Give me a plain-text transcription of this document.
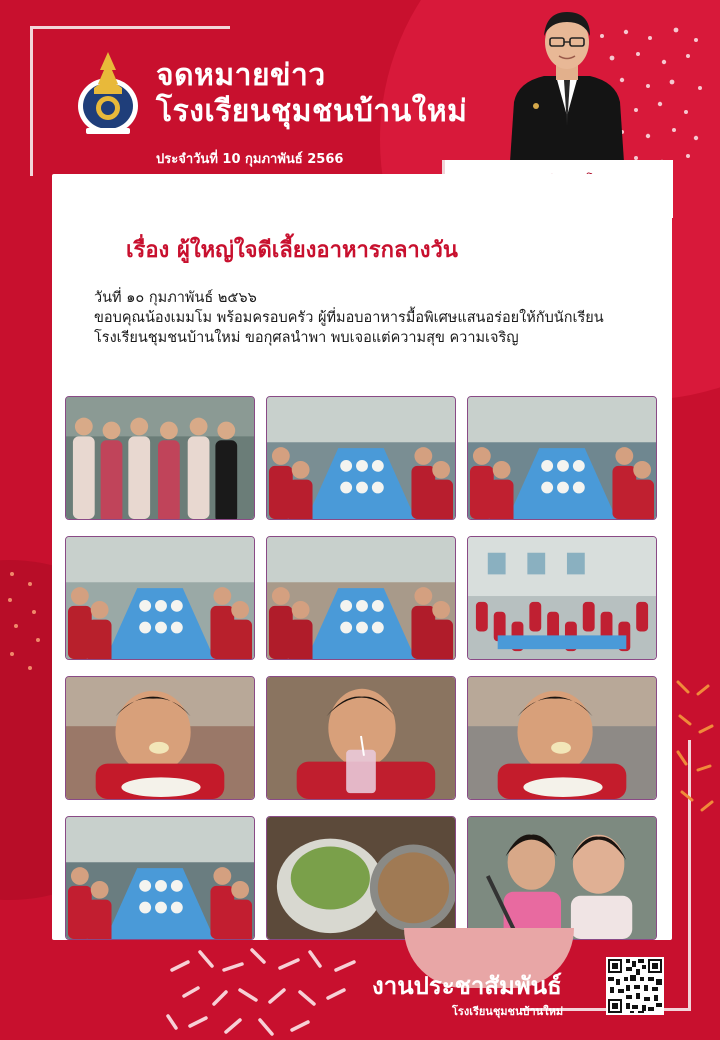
จดหมายข่าว
โรงเรียนชุมชนบ้านใหม่
ประจำวันที่ 10 กุมภาพันธ์ 2566
เรื่อง ผู้ใหญ่ใจดีเลี้ยงอาหารกลางวัน
วันที่ ๑๐ กุมภาพันธ์ ๒๕๖๖
ขอบคุณน้องเมมโม พร้อมครอบครัว ผู้ที่มอบอาหารมื้อพิเศษแสนอร่อยให้กับนักเรียนโรงเรียนชุมชนบ้านใหม่ ขอกุศลนำพา พบเจอแต่ความสุข ความเจริญ
งานประชาสัมพันธ์
โรงเรียนชุมชนบ้านใหม่
